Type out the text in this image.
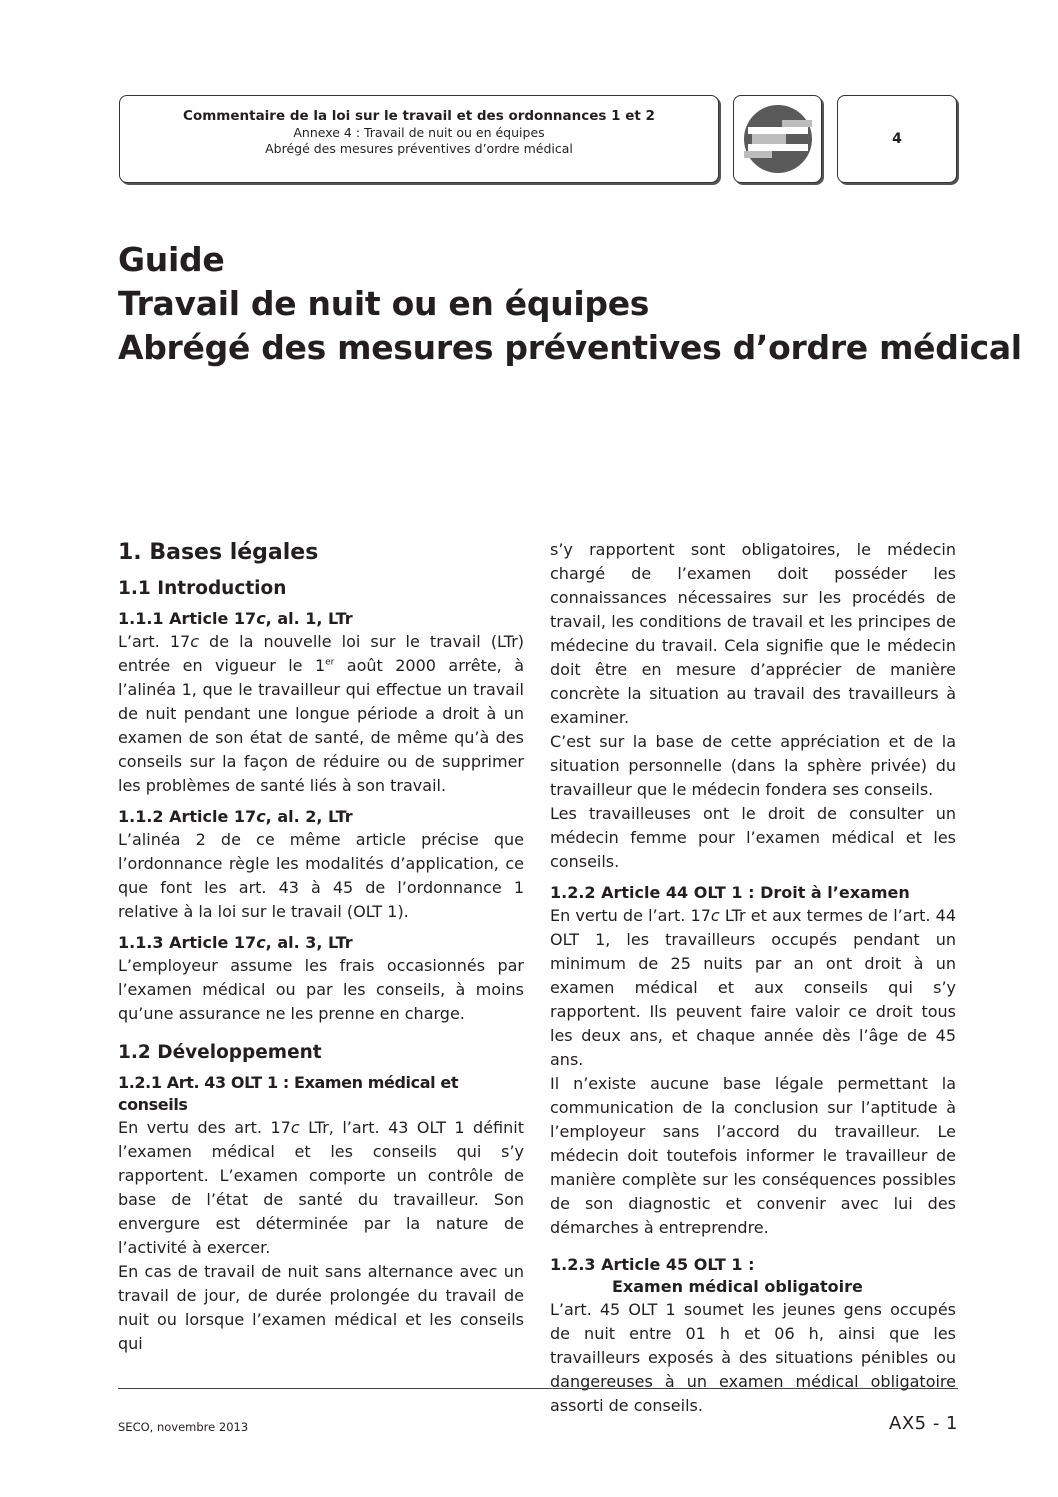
Commentaire de la loi sur le travail et des ordonnances 1 et 2
Annexe 4 : Travail de nuit ou en équipes
Abrégé des mesures préventives d’ordre médical
4
Guide
Travail de nuit ou en équipes
Abrégé des mesures préventives d’ordre médical
1. Bases légales
1.1 Introduction
1.1.1 Article 17c, al. 1, LTr

L’art. 17c de la nouvelle loi sur le travail (LTr) entrée en vigueur le 1er août 2000 arrête, à l’alinéa 1, que le travailleur qui effectue un travail de nuit pendant une longue période a droit à un examen de son état de santé, de même qu’à des conseils sur la façon de réduire ou de supprimer les problèmes de santé liés à son travail.

1.1.2 Article 17c, al. 2, LTr

L’alinéa 2 de ce même article précise que l’ordonnance règle les modalités d’application, ce que font les art. 43 à 45 de l’ordonnance 1 relative à la loi sur le travail (OLT 1).

1.1.3 Article 17c, al. 3, LTr

L’employeur assume les frais occasionnés par l’examen médical ou par les conseils, à moins qu’une assurance ne les prenne en charge.

1.2 Développement
1.2.1 Art. 43 OLT 1 : Examen médical et conseils

En vertu des art. 17c LTr, l’art. 43 OLT 1 définit l’examen médical et les conseils qui s’y rapportent. L’examen comporte un contrôle de base de l’état de santé du travailleur. Son envergure est déterminée par la nature de l’activité à exercer.

En cas de travail de nuit sans alternance avec un travail de jour, de durée prolongée du travail de nuit ou lorsque l’examen médical et les conseils qui

s’y rapportent sont obligatoires, le médecin chargé de l’examen doit posséder les connaissances nécessaires sur les procédés de travail, les conditions de travail et les principes de médecine du travail. Cela signifie que le médecin doit être en mesure d’apprécier de manière concrète la situation au travail des travailleurs à examiner.

C’est sur la base de cette appréciation et de la situation personnelle (dans la sphère privée) du travailleur que le médecin fondera ses conseils.

Les travailleuses ont le droit de consulter un médecin femme pour l’examen médical et les conseils.

1.2.2 Article 44 OLT 1 : Droit à l’examen

En vertu de l’art. 17c LTr et aux termes de l’art. 44 OLT 1, les travailleurs occupés pendant un minimum de 25 nuits par an ont droit à un examen médical et aux conseils qui s’y rapportent. Ils peuvent faire valoir ce droit tous les deux ans, et chaque année dès l’âge de 45 ans.

Il n’existe aucune base légale permettant la communication de la conclusion sur l’aptitude à l’employeur sans l’accord du travailleur. Le médecin doit toutefois informer le travailleur de manière complète sur les conséquences possibles de son diagnostic et convenir avec lui des démarches à entreprendre.

1.2.3 Article 45 OLT 1 :
Examen médical obligatoire

L’art. 45 OLT 1 soumet les jeunes gens occupés de nuit entre 01 h et 06 h, ainsi que les travailleurs exposés à des situations pénibles ou dangereuses à un examen médical obligatoire assorti de conseils.

SECO, novembre 2013	AX5 - 1
